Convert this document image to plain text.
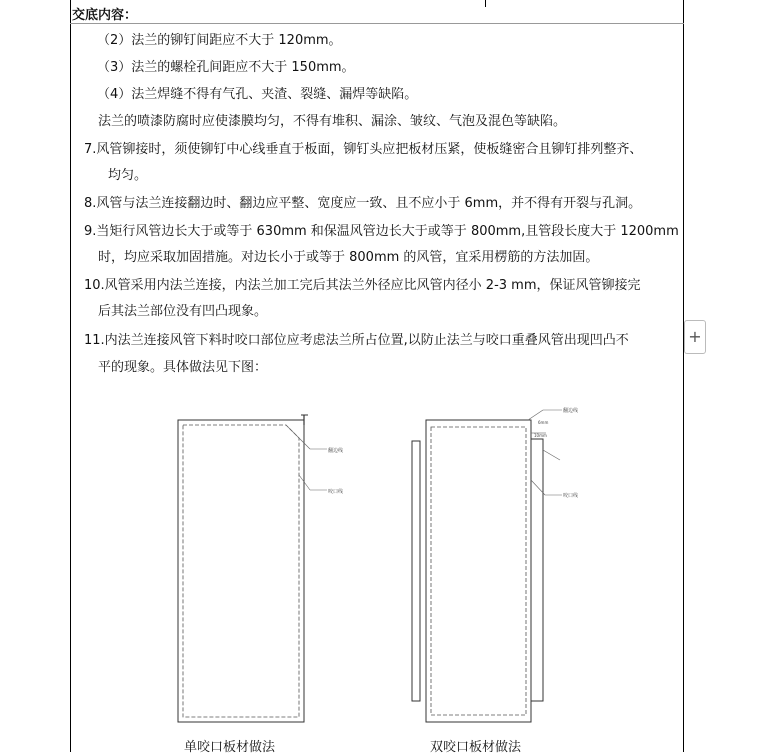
交底内容：
（2）法兰的铆钉间距应不大于 120mm。
（3）法兰的螺栓孔间距应不大于 150mm。
（4）法兰焊缝不得有气孔、夹渣、裂缝、漏焊等缺陷。
法兰的喷漆防腐时应使漆膜均匀，不得有堆积、漏涂、皱纹、气泡及混色等缺陷。
7.风管铆接时，须使铆钉中心线垂直于板面，铆钉头应把板材压紧，使板缝密合且铆钉排列整齐、
均匀。
8.风管与法兰连接翻边时、翻边应平整、宽度应一致、且不应小于 6mm，并不得有开裂与孔洞。
9.当矩行风管边长大于或等于 630mm 和保温风管边长大于或等于 800mm,且管段长度大于 1200mm
时，均应采取加固措施。对边长小于或等于 800mm 的风管，宜采用楞筋的方法加固。
10.风管采用内法兰连接，内法兰加工完后其法兰外径应比风管内径小 2-3 mm，保证风管铆接完
后其法兰部位没有凹凸现象。
11.内法兰连接风管下料时咬口部位应考虑法兰所占位置,以防止法兰与咬口重叠风管出现凹凸不
平的现象。具体做法见下图：
翻边线
咬口线
翻边线
6mm
10mm
咬口线
单咬口板材做法	双咬口板材做法
+
